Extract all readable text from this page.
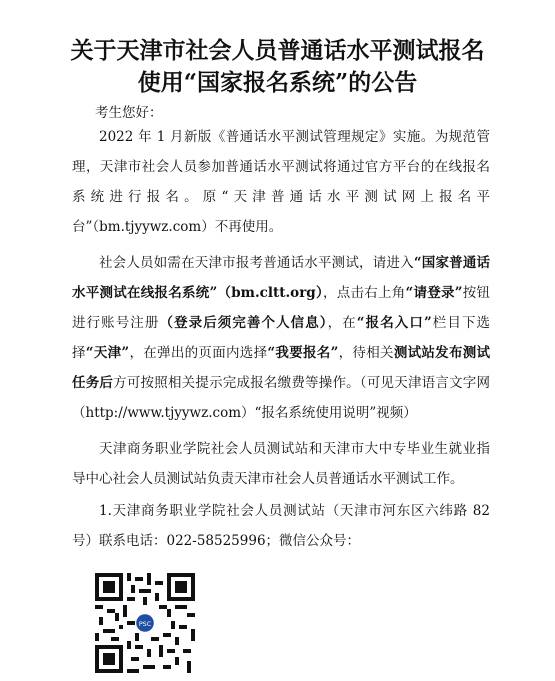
关于天津市社会人员普通话水平测试报名
使用“国家报名系统”的公告
考生您好：

2022 年 1 月新版《普通话水平测试管理规定》实施。为规范管理，天津市社会人员参加普通话水平测试将通过官方平台的在线报名系统进行报名。原“天津普通话水平测试网上报名平台”（bm.tjyywz.com）不再使用。

社会人员如需在天津市报考普通话水平测试，请进入“国家普通话水平测试在线报名系统”（bm.cltt.org），点击右上角“请登录”按钮进行账号注册（登录后须完善个人信息），在“报名入口”栏目下选择“天津”，在弹出的页面内选择“我要报名”，待相关测试站发布测试任务后方可按照相关提示完成报名缴费等操作。（可见天津语言文字网（http://www.tjyywz.com）“报名系统使用说明”视频）

天津商务职业学院社会人员测试站和天津市大中专毕业生就业指导中心社会人员测试站负责天津市社会人员普通话水平测试工作。

1.天津商务职业学院社会人员测试站（天津市河东区六纬路 82 号）联系电话：022-58525996；微信公众号：

PSC
